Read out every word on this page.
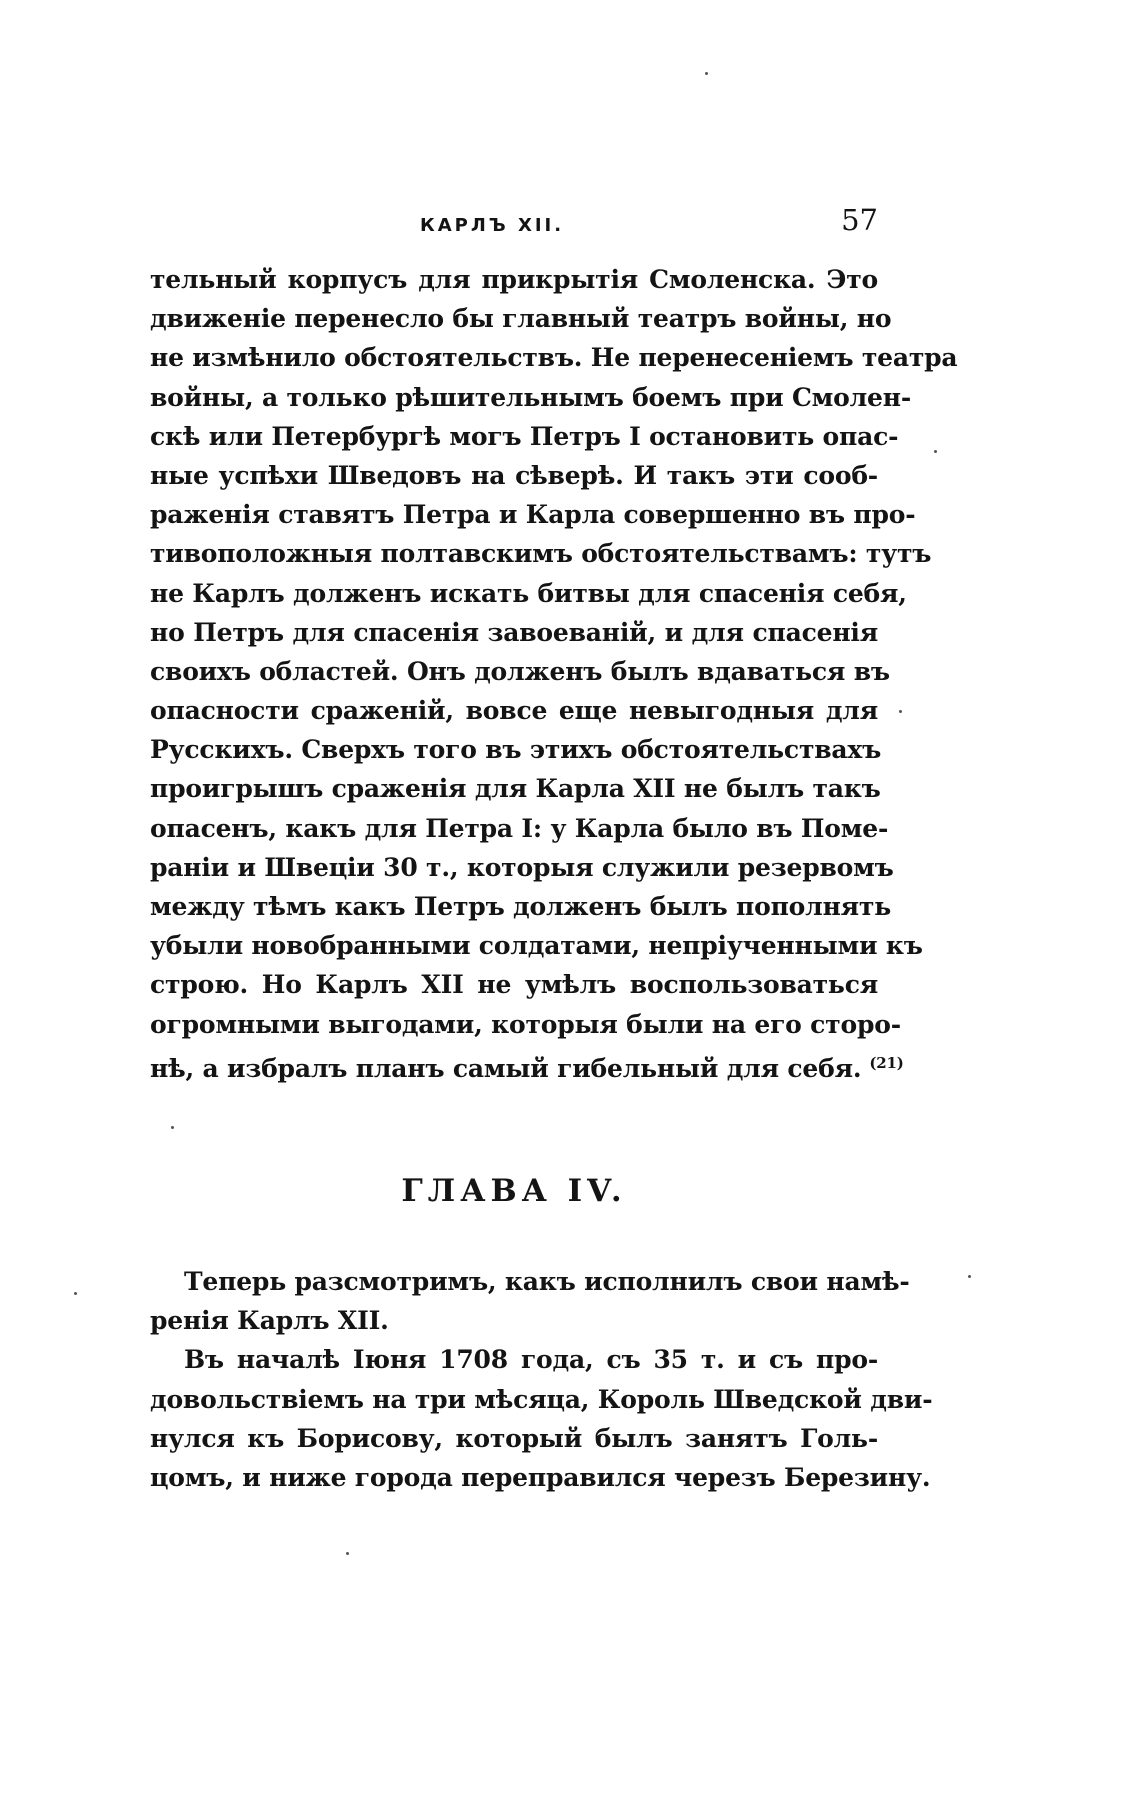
КАРЛЪ XII.	57
тельный корпусъ для прикрытія Смоленска. Это
движеніе перенесло бы главный театръ войны, но
не измѣнило обстоятельствъ. Не перенесеніемъ театра
войны, а только рѣшительнымъ боемъ при Смолен-
скѣ или Петербургѣ могъ Петръ I остановить опас-
ные успѣхи Шведовъ на сѣверѣ. И такъ эти сооб-
раженія ставятъ Петра и Карла совершенно въ про-
тивоположныя полтавскимъ обстоятельствамъ: тутъ
не Карлъ долженъ искать битвы для спасенія себя,
но Петръ для спасенія завоеваній, и для спасенія
своихъ областей. Онъ долженъ былъ вдаваться въ
опасности сраженій, вовсе еще невыгодныя для
Русскихъ. Сверхъ того въ этихъ обстоятельствахъ
проигрышъ сраженія для Карла XII не былъ такъ
опасенъ, какъ для Петра I: у Карла было въ Поме-
раніи и Швеціи 30 т., которыя служили резервомъ
между тѣмъ какъ Петръ долженъ былъ пополнять
убыли новобранными солдатами, непріученными къ
строю. Но Карлъ XII не умѣлъ воспользоваться
огромными выгодами, которыя были на его сторо-
нѣ, а избралъ планъ самый гибельный для себя. $^{(21)}$
ГЛАВА IV.
Теперь разсмотримъ, какъ исполнилъ свои намѣ-
ренія Карлъ XII.
Въ началѣ Іюня 1708 года, съ 35 т. и съ про-
довольствіемъ на три мѣсяца, Король Шведской дви-
нулся къ Борисову, который былъ занятъ Голь-
цомъ, и ниже города переправился черезъ Березину.
